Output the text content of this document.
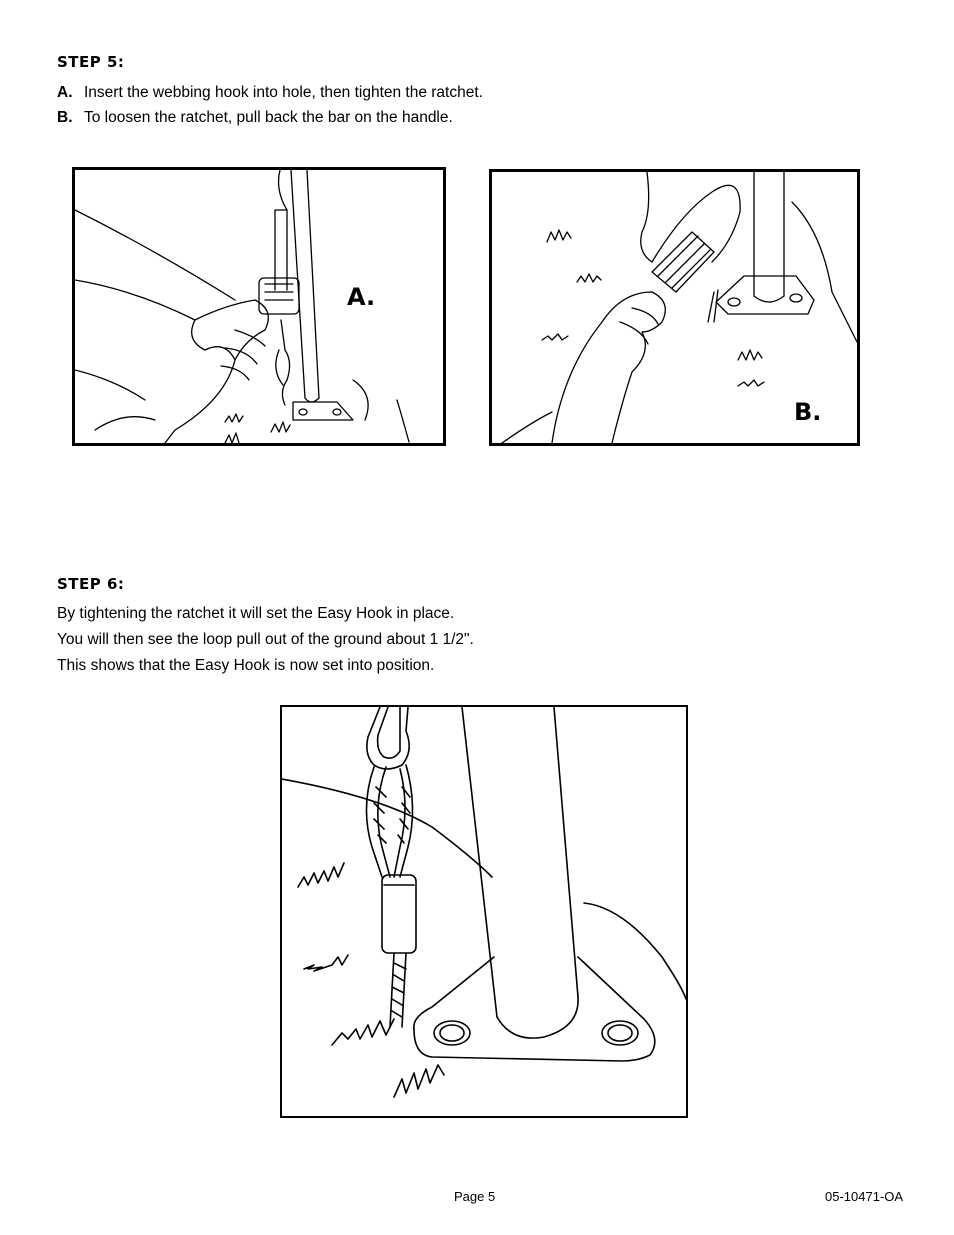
STEP 5:
A. Insert the webbing hook into hole, then tighten the ratchet.
B. To loosen the ratchet, pull back the bar on the handle.
A.
B.
STEP 6:
By tightening the ratchet it will set the Easy Hook in place.
You will then see the loop pull out of the ground about 1 1/2".
This shows that the Easy Hook is now set into position.
Page 5	05-10471-OA
